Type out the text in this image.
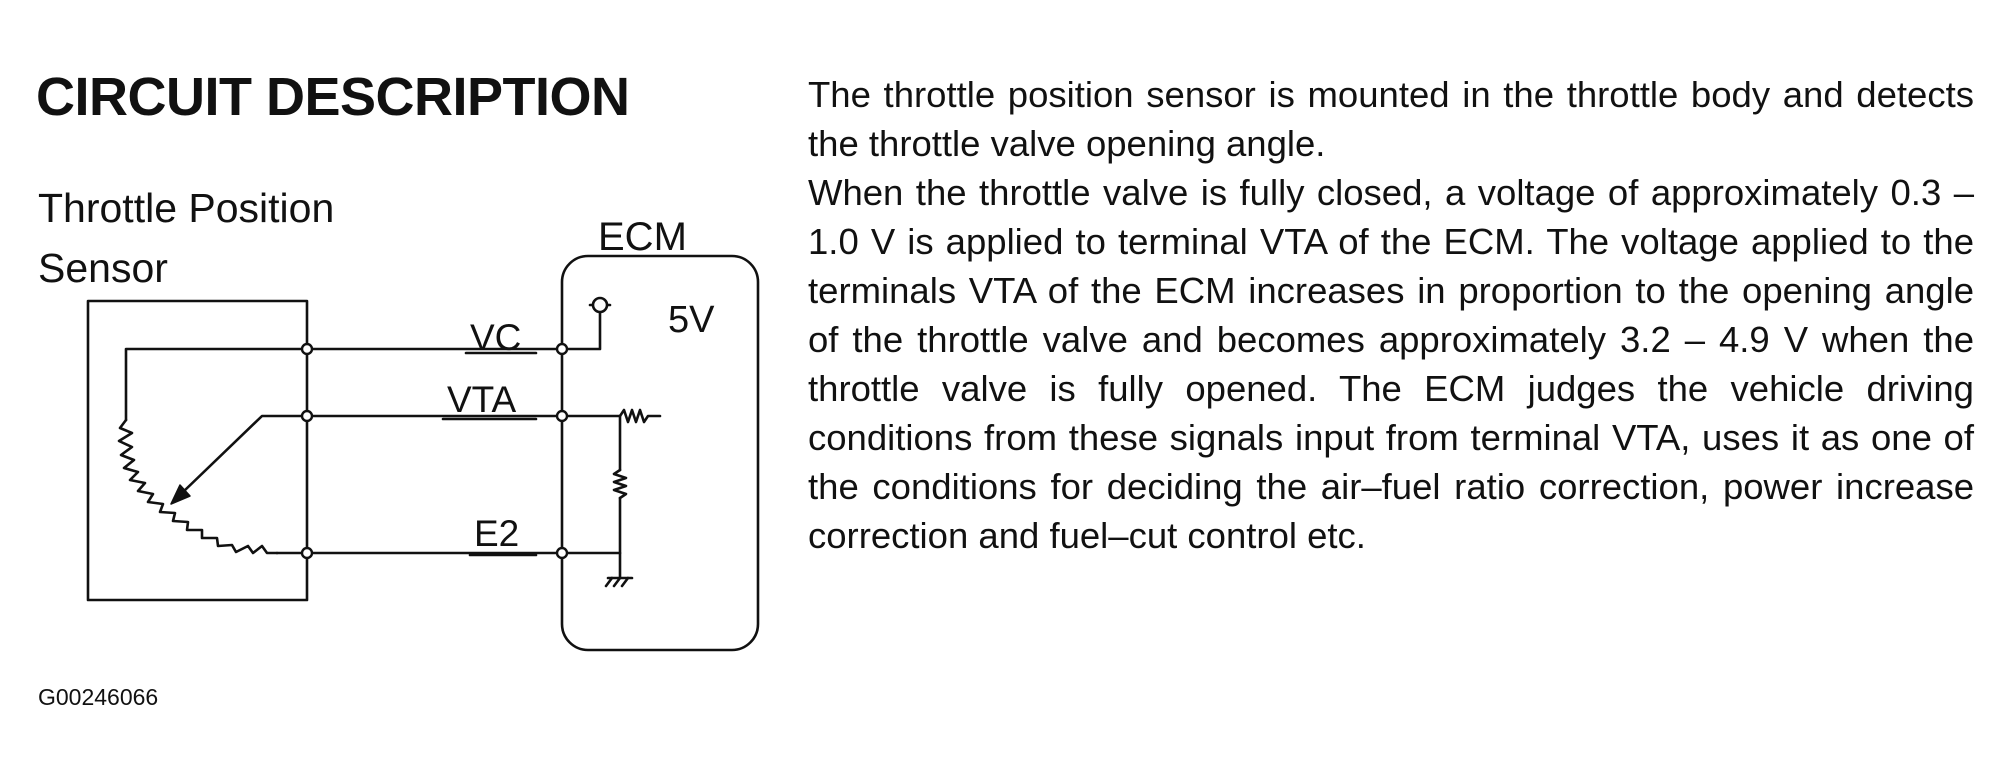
CIRCUIT DESCRIPTION
Throttle Position
Sensor
ECM
5V
VC
VTA
E2
The throttle position sensor is mounted in the throttle body and detects the throttle valve opening angle.
When the throttle valve is fully closed, a voltage of approximately 0.3 – 1.0 V is applied to terminal VTA of the ECM. The voltage applied to the terminals VTA of the ECM increases in proportion to the opening angle of the throttle valve and becomes approximately 3.2 – 4.9 V when the throttle valve is fully opened. The ECM judges the vehicle driving conditions from these signals input from terminal VTA, uses it as one of the conditions for deciding the air–fuel ratio correction, power increase correction and fuel–cut control etc.
G00246066
